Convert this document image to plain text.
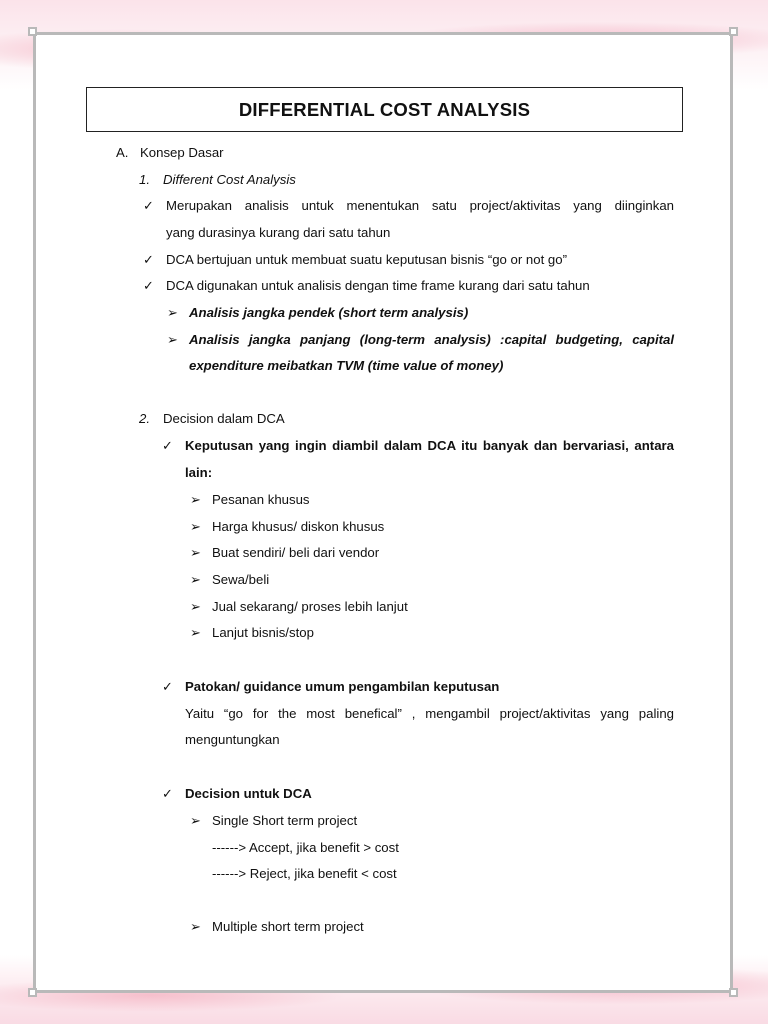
DIFFERENTIAL COST ANALYSIS
A. Konsep Dasar
1. Different Cost Analysis
✓ Merupakan analisis untuk menentukan satu project/aktivitas yang diinginkan
yang durasinya kurang dari satu tahun
✓ DCA bertujuan untuk membuat suatu keputusan bisnis “go or not go”
✓ DCA digunakan untuk analisis dengan time frame kurang dari satu tahun
➢ Analisis jangka pendek (short term analysis)
➢ Analisis jangka panjang (long-term analysis) :capital budgeting, capital
expenditure meibatkan TVM (time value of money)
2. Decision dalam DCA
✓ Keputusan yang ingin diambil dalam DCA itu banyak dan bervariasi, antara
lain:
➢ Pesanan khusus
➢ Harga khusus/ diskon khusus
➢ Buat sendiri/ beli dari vendor
➢ Sewa/beli
➢ Jual sekarang/ proses lebih lanjut
➢ Lanjut bisnis/stop
✓ Patokan/ guidance umum pengambilan keputusan
Yaitu “go for the most benefical” , mengambil project/aktivitas yang paling
menguntungkan
✓ Decision untuk DCA
➢ Single Short term project
------> Accept, jika benefit > cost
------> Reject, jika benefit < cost
➢ Multiple short term project
